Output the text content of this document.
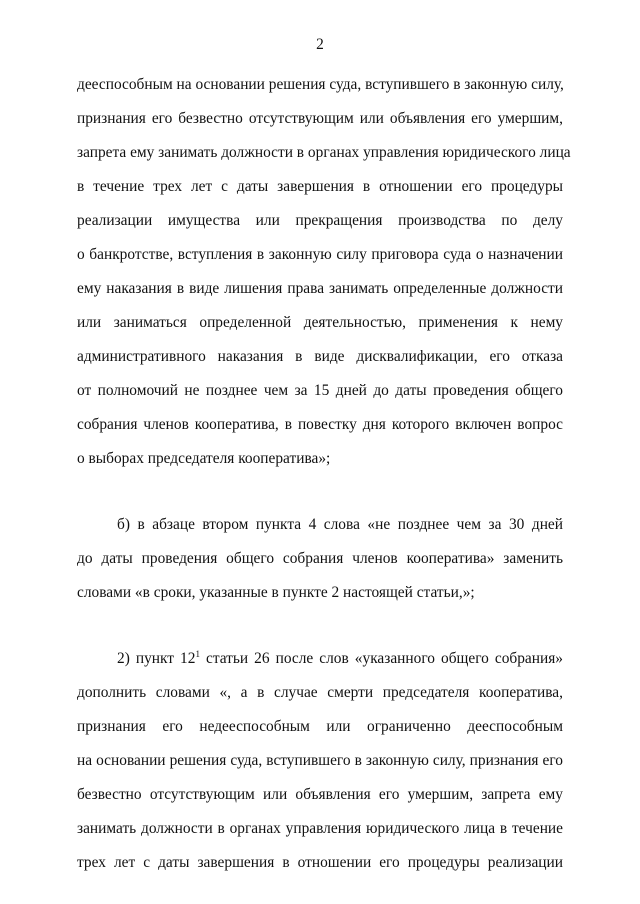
2
дееспособным на основании решения суда, вступившего в законную силу,
признания его безвестно отсутствующим или объявления его умершим,
запрета ему занимать должности в органах управления юридического лица
в течение трех лет с даты завершения в отношении его процедуры
реализации имущества или прекращения производства по делу
о банкротстве, вступления в законную силу приговора суда о назначении
ему наказания в виде лишения права занимать определенные должности
или заниматься определенной деятельностью, применения к нему
административного наказания в виде дисквалификации, его отказа
от полномочий не позднее чем за 15 дней до даты проведения общего
собрания членов кооператива, в повестку дня которого включен вопрос
о выборах председателя кооператива»;
б) в абзаце втором пункта 4 слова «не позднее чем за 30 дней
до даты проведения общего собрания членов кооператива» заменить
словами «в сроки, указанные в пункте 2 настоящей статьи,»;
2) пункт $12^1$ статьи 26 после слов «указанного общего собрания»
дополнить словами «, а в случае смерти председателя кооператива,
признания его недееспособным или ограниченно дееспособным
на основании решения суда, вступившего в законную силу, признания его
безвестно отсутствующим или объявления его умершим, запрета ему
занимать должности в органах управления юридического лица в течение
трех лет с даты завершения в отношении его процедуры реализации
